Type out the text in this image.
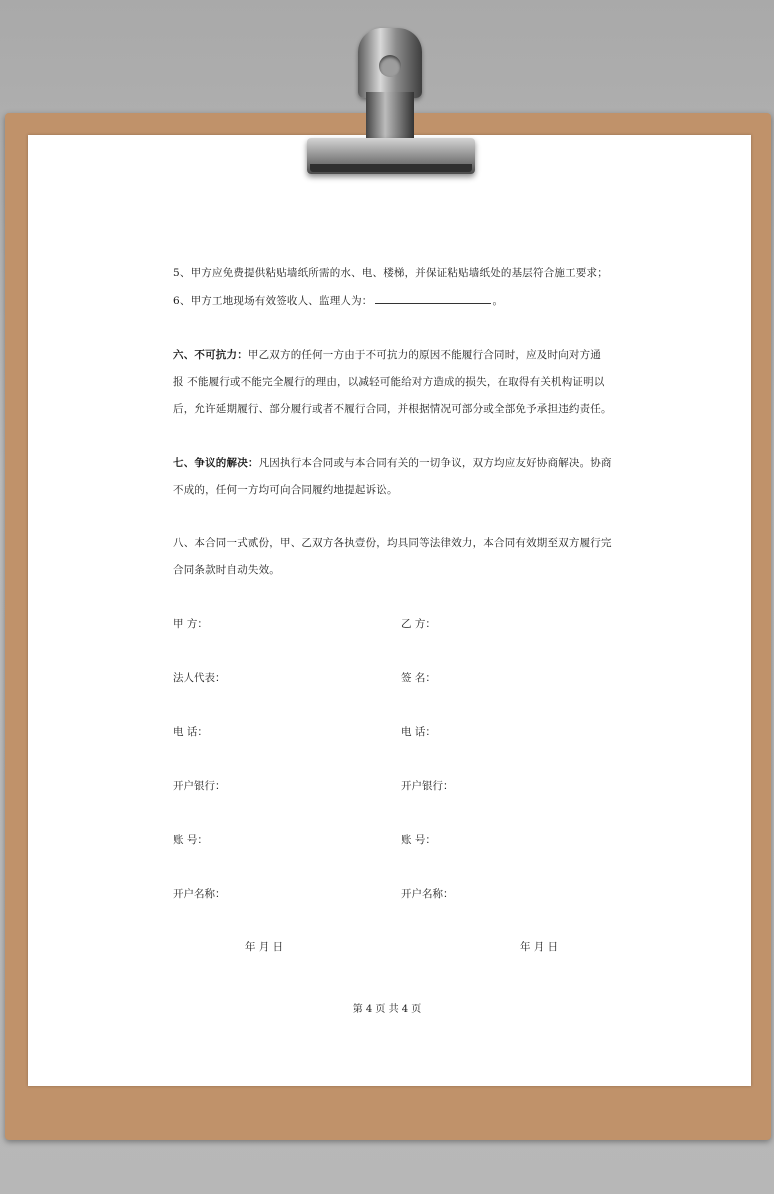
5、甲方应免费提供粘贴墙纸所需的水、电、楼梯，并保证粘贴墙纸处的基层符合施工要求；
6、甲方工地现场有效签收人、监理人为：	。
六、不可抗力：甲乙双方的任何一方由于不可抗力的原因不能履行合同时，应及时向对方通
报 不能履行或不能完全履行的理由，以减轻可能给对方造成的损失，在取得有关机构证明以
后，允许延期履行、部分履行或者不履行合同，并根据情况可部分或全部免予承担违约责任。
七、争议的解决：凡因执行本合同或与本合同有关的一切争议，双方均应友好协商解决。协商
不成的，任何一方均可向合同履约地提起诉讼。
八、本合同一式贰份，甲、乙双方各执壹份，均具同等法律效力，本合同有效期至双方履行完
合同条款时自动失效。
甲 方：
法人代表：
电 话：
开户银行：
账 号：
开户名称：
乙 方：
签 名：
电 话：
开户银行：
账 号：
开户名称：
年 月 日	年 月 日
第 4 页 共 4 页
